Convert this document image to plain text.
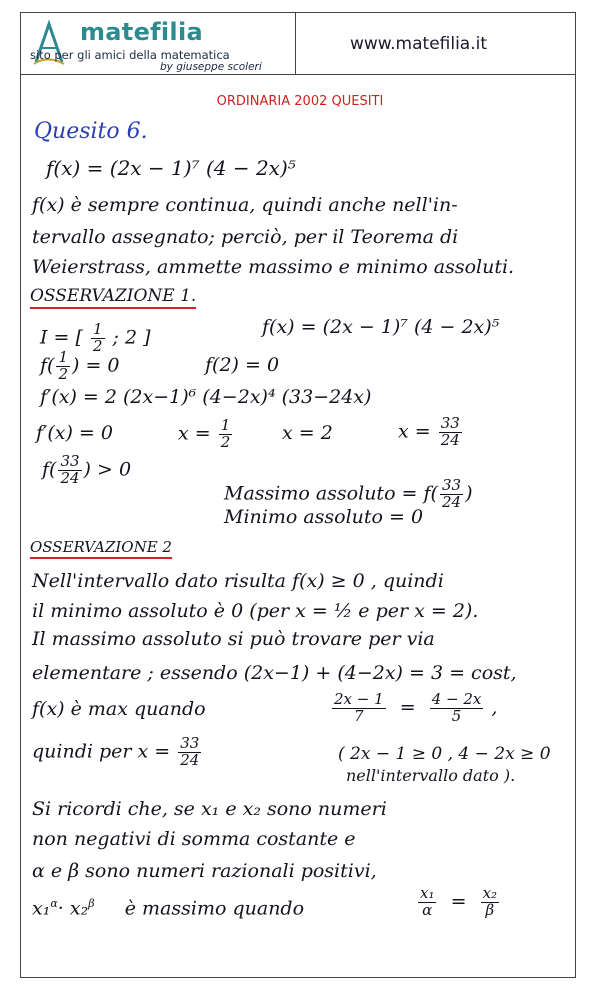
matefilia
sito per gli amici della matematica
by giuseppe scoleri
www.matefilia.it
ORDINARIA 2002 QUESITI
Quesito 6.
f(x) = (2x − 1)⁷ (4 − 2x)⁵
f(x) è sempre continua, quindi anche nell'in-
tervallo assegnato; perciò, per il Teorema di
Weierstrass, ammette massimo e minimo assoluti.
OSSERVAZIONE 1.
I = [ $\frac{1}{2}$ ; 2 ]	f(x) = (2x − 1)⁷ (4 − 2x)⁵
$f( \frac{1}{2}$ ) = 0	f(2) = 0
f′(x) = 2 (2x−1)⁶ (4−2x)⁴ (33−24x)
f′(x) = 0	$x = \frac{1}{2}$	x = 2	$x = \frac{33}{24}$
$f( \frac{33}{24}$ ) > 0
Massimo assoluto = $f( \frac{33}{24}$ )
Minimo assoluto = 0
OSSERVAZIONE 2
Nell'intervallo dato risulta f(x) ≥ 0 , quindi
il minimo assoluto è 0 (per x = ½ e per x = 2).
Il massimo assoluto si può trovare per via
elementare ; essendo (2x−1) + (4−2x) = 3 = cost,
f(x) è max quando	$\frac{2x - 1}{7} = \frac{4 - 2x}{5}$ ,
quindi per $x = \frac{33}{24}$	( 2x − 1 ≥ 0 , 4 − 2x ≥ 0
nell'intervallo dato ).
Si ricordi che, se x₁ e x₂ sono numeri
non negativi di somma costante e
α e β sono numeri razionali positivi,
x₁$^\alpha$· x₂$^\beta$ è massimo quando	$\frac{\text{x₁}}{\alpha} = \frac{\text{x₂}}{\beta}$
